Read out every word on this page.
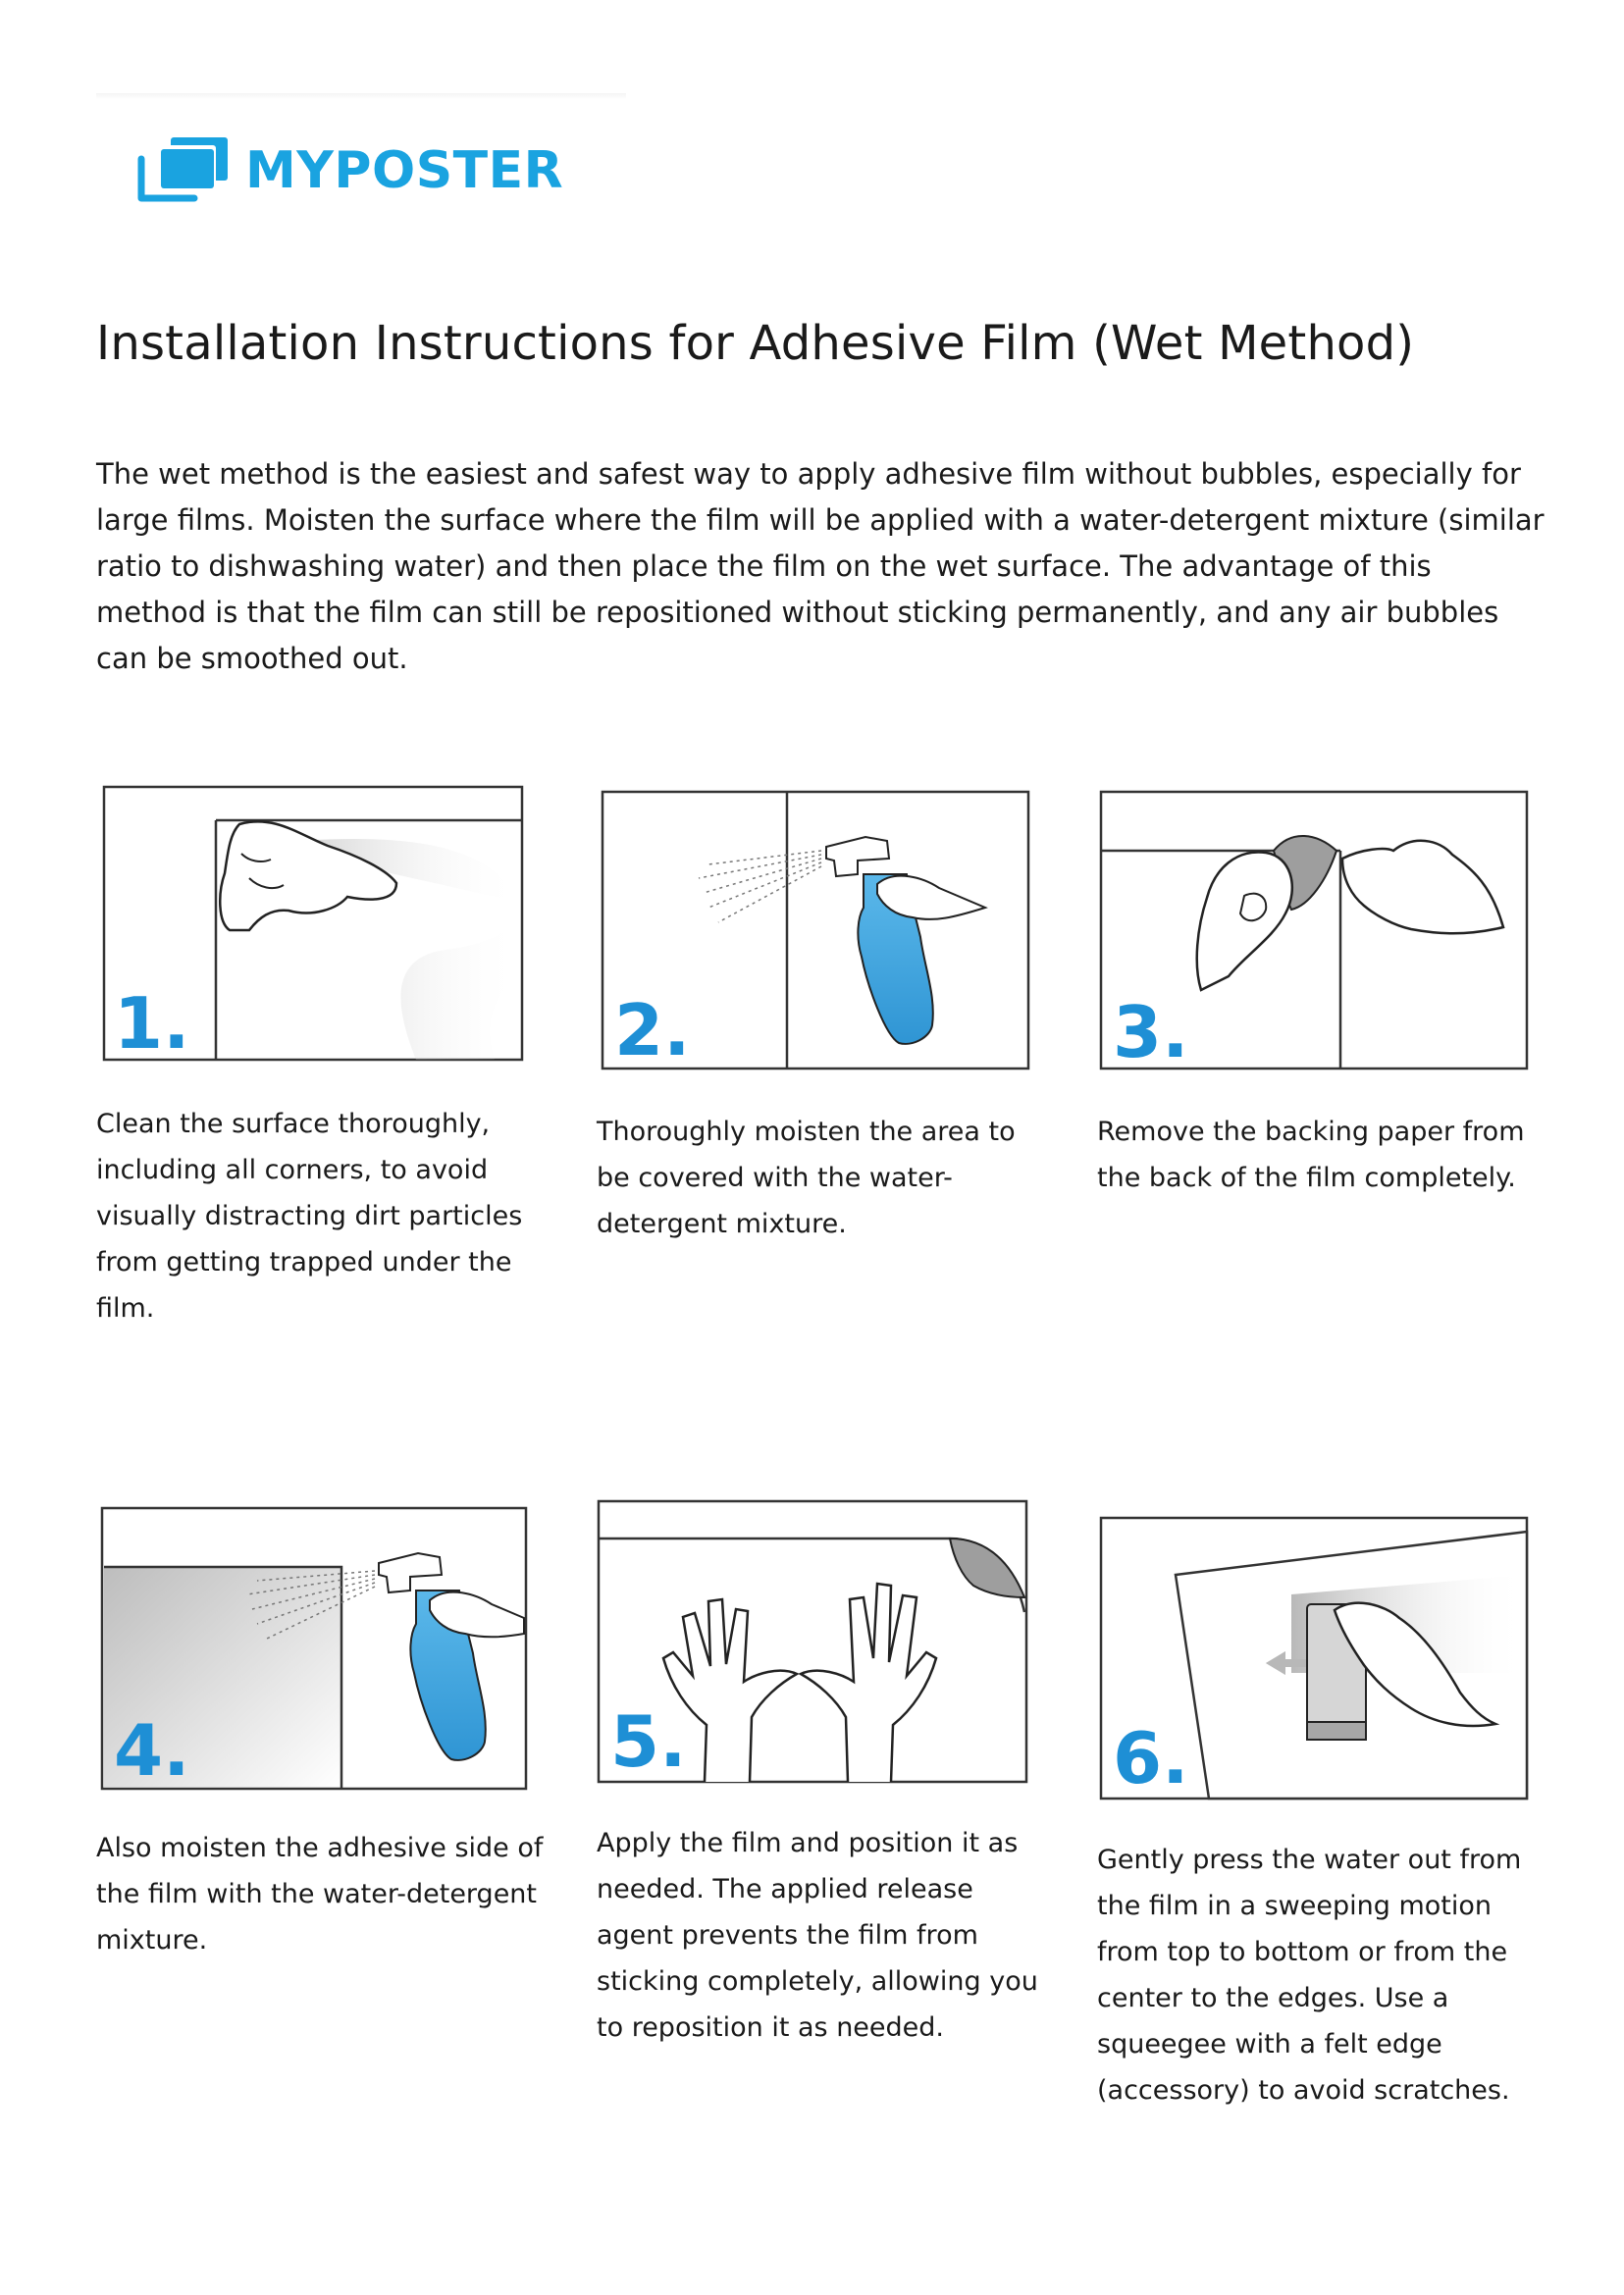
MYPOSTER
Installation Instructions for Adhesive Film (Wet Method)

The wet method is the easiest and safest way to apply adhesive film without bubbles, especially for large films. Moisten the surface where the film will be applied with a water-detergent mixture (similar ratio to dishwashing water) and then place the film on the wet surface. The advantage of this method is that the film can still be repositioned without sticking permanently, and any air bubbles can be smoothed out.

1.

Clean the surface thoroughly, including all corners, to avoid visually distracting dirt particles from getting trapped under the film.

2.

Thoroughly moisten the area to be covered with the water-detergent mixture.

3.

Remove the backing paper from the back of the film completely.

4.

Also moisten the adhesive side of the film with the water-detergent mixture.

5.

Apply the film and position it as needed. The applied release agent prevents the film from sticking completely, allowing you to reposition it as needed.

6.

Gently press the water out from the film in a sweeping motion from top to bottom or from the center to the edges. Use a squeegee with a felt edge (accessory) to avoid scratches.
